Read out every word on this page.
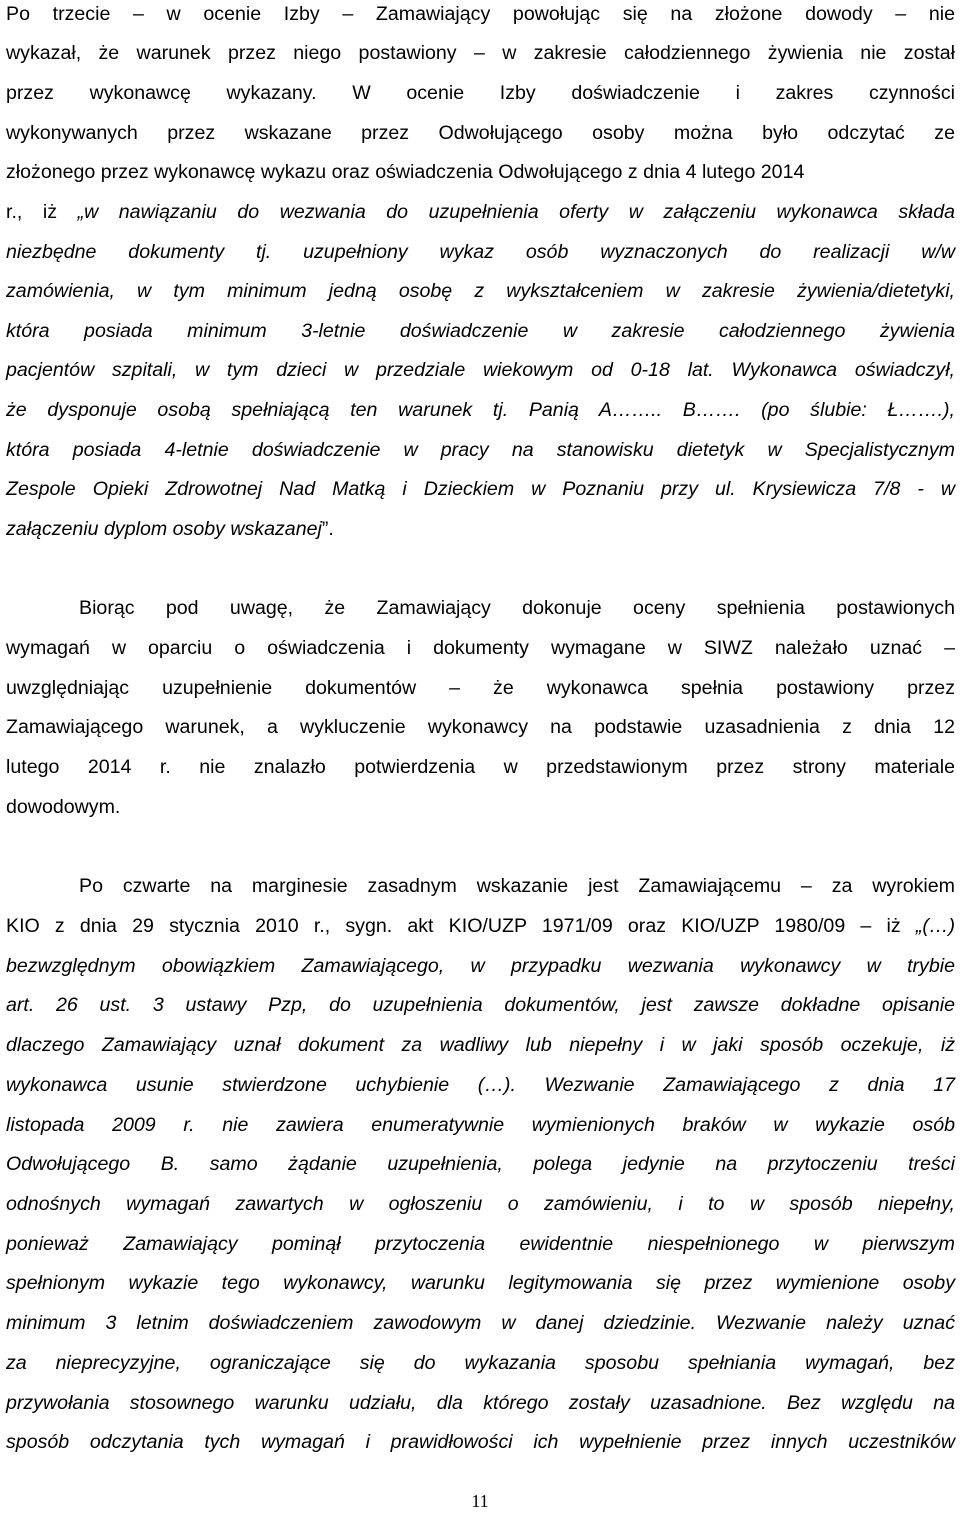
Po trzecie – w ocenie Izby – Zamawiający powołując się na złożone dowody – nie
wykazał, że warunek przez niego postawiony – w zakresie całodziennego żywienia nie został
przez wykonawcę wykazany. W ocenie Izby doświadczenie i zakres czynności
wykonywanych przez wskazane przez Odwołującego osoby można było odczytać ze
złożonego przez wykonawcę wykazu oraz oświadczenia Odwołującego z dnia 4 lutego 2014
r., iż „w nawiązaniu do wezwania do uzupełnienia oferty w załączeniu wykonawca składa
niezbędne dokumenty tj. uzupełniony wykaz osób wyznaczonych do realizacji w/w
zamówienia, w tym minimum jedną osobę z wykształceniem w zakresie żywienia/dietetyki,
która posiada minimum 3-letnie doświadczenie w zakresie całodziennego żywienia
pacjentów szpitali, w tym dzieci w przedziale wiekowym od 0-18 lat. Wykonawca oświadczył,
że dysponuje osobą spełniającą ten warunek tj. Panią A…….. B……. (po ślubie: Ł…….),
która posiada 4-letnie doświadczenie w pracy na stanowisku dietetyk w Specjalistycznym
Zespole Opieki Zdrowotnej Nad Matką i Dzieckiem w Poznaniu przy ul. Krysiewicza 7/8 - w
załączeniu dyplom osoby wskazanej”.
Biorąc pod uwagę, że Zamawiający dokonuje oceny spełnienia postawionych
wymagań w oparciu o oświadczenia i dokumenty wymagane w SIWZ należało uznać –
uwzględniając uzupełnienie dokumentów – że wykonawca spełnia postawiony przez
Zamawiającego warunek, a wykluczenie wykonawcy na podstawie uzasadnienia z dnia 12
lutego 2014 r. nie znalazło potwierdzenia w przedstawionym przez strony materiale
dowodowym.
Po czwarte na marginesie zasadnym wskazanie jest Zamawiającemu – za wyrokiem
KIO z dnia 29 stycznia 2010 r., sygn. akt KIO/UZP 1971/09 oraz KIO/UZP 1980/09 – iż „(…)
bezwzględnym obowiązkiem Zamawiającego, w przypadku wezwania wykonawcy w trybie
art. 26 ust. 3 ustawy Pzp, do uzupełnienia dokumentów, jest zawsze dokładne opisanie
dlaczego Zamawiający uznał dokument za wadliwy lub niepełny i w jaki sposób oczekuje, iż
wykonawca usunie stwierdzone uchybienie (…). Wezwanie Zamawiającego z dnia 17
listopada 2009 r. nie zawiera enumeratywnie wymienionych braków w wykazie osób
Odwołującego B. samo żądanie uzupełnienia, polega jedynie na przytoczeniu treści
odnośnych wymagań zawartych w ogłoszeniu o zamówieniu, i to w sposób niepełny,
ponieważ Zamawiający pominął przytoczenia ewidentnie niespełnionego w pierwszym
spełnionym wykazie tego wykonawcy, warunku legitymowania się przez wymienione osoby
minimum 3 letnim doświadczeniem zawodowym w danej dziedzinie. Wezwanie należy uznać
za nieprecyzyjne, ograniczające się do wykazania sposobu spełniania wymagań, bez
przywołania stosownego warunku udziału, dla którego zostały uzasadnione. Bez względu na
sposób odczytania tych wymagań i prawidłowości ich wypełnienie przez innych uczestników
11
